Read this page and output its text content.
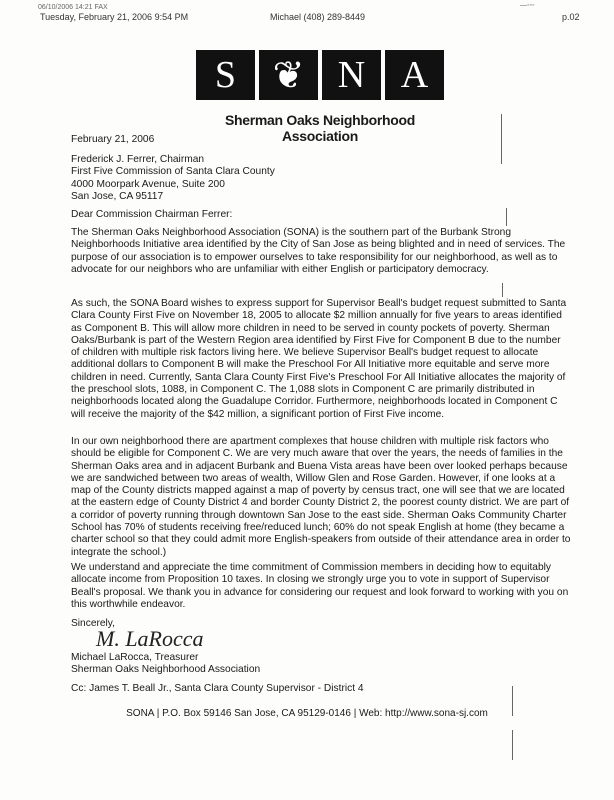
06/10/2006 14:21 FAX
Tuesday, February 21, 2006 9:54 PM	Michael (408) 289-8449	p.02
—◦◦◦
S ❦ N A
Sherman Oaks Neighborhood Association
February 21, 2006
Frederick J. Ferrer, Chairman
First Five Commission of Santa Clara County
4000 Moorpark Avenue, Suite 200
San Jose, CA 95117
Dear Commission Chairman Ferrer:
The Sherman Oaks Neighborhood Association (SONA) is the southern part of the Burbank Strong Neighborhoods Initiative area identified by the City of San Jose as being blighted and in need of services. The purpose of our association is to empower ourselves to take responsibility for our neighborhood, as well as to advocate for our neighbors who are unfamiliar with either English or participatory democracy.
As such, the SONA Board wishes to express support for Supervisor Beall's budget request submitted to Santa Clara County First Five on November 18, 2005 to allocate $2 million annually for five years to areas identified as Component B. This will allow more children in need to be served in county pockets of poverty. Sherman Oaks/Burbank is part of the Western Region area identified by First Five for Component B due to the number of children with multiple risk factors living here. We believe Supervisor Beall's budget request to allocate additional dollars to Component B will make the Preschool For All Initiative more equitable and serve more children in need. Currently, Santa Clara County First Five's Preschool For All Initiative allocates the majority of the preschool slots, 1088, in Component C. The 1,088 slots in Component C are primarily distributed in neighborhoods located along the Guadalupe Corridor. Furthermore, neighborhoods located in Component C will receive the majority of the $42 million, a significant portion of First Five income.
In our own neighborhood there are apartment complexes that house children with multiple risk factors who should be eligible for Component C. We are very much aware that over the years, the needs of families in the Sherman Oaks area and in adjacent Burbank and Buena Vista areas have been over looked perhaps because we are sandwiched between two areas of wealth, Willow Glen and Rose Garden. However, if one looks at a map of the County districts mapped against a map of poverty by census tract, one will see that we are located at the eastern edge of County District 4 and border County District 2, the poorest county district. We are part of a corridor of poverty running through downtown San Jose to the east side. Sherman Oaks Community Charter School has 70% of students receiving free/reduced lunch; 60% do not speak English at home (they became a charter school so that they could admit more English-speakers from outside of their attendance area in order to integrate the school.)
We understand and appreciate the time commitment of Commission members in deciding how to equitably allocate income from Proposition 10 taxes. In closing we strongly urge you to vote in support of Supervisor Beall's proposal. We thank you in advance for considering our request and look forward to working with you on this worthwhile endeavor.
Sincerely,
M. LaRocca
Michael LaRocca, Treasurer
Sherman Oaks Neighborhood Association
Cc: James T. Beall Jr., Santa Clara County Supervisor - District 4
SONA | P.O. Box 59146 San Jose, CA 95129-0146 | Web: http://www.sona-sj.com
